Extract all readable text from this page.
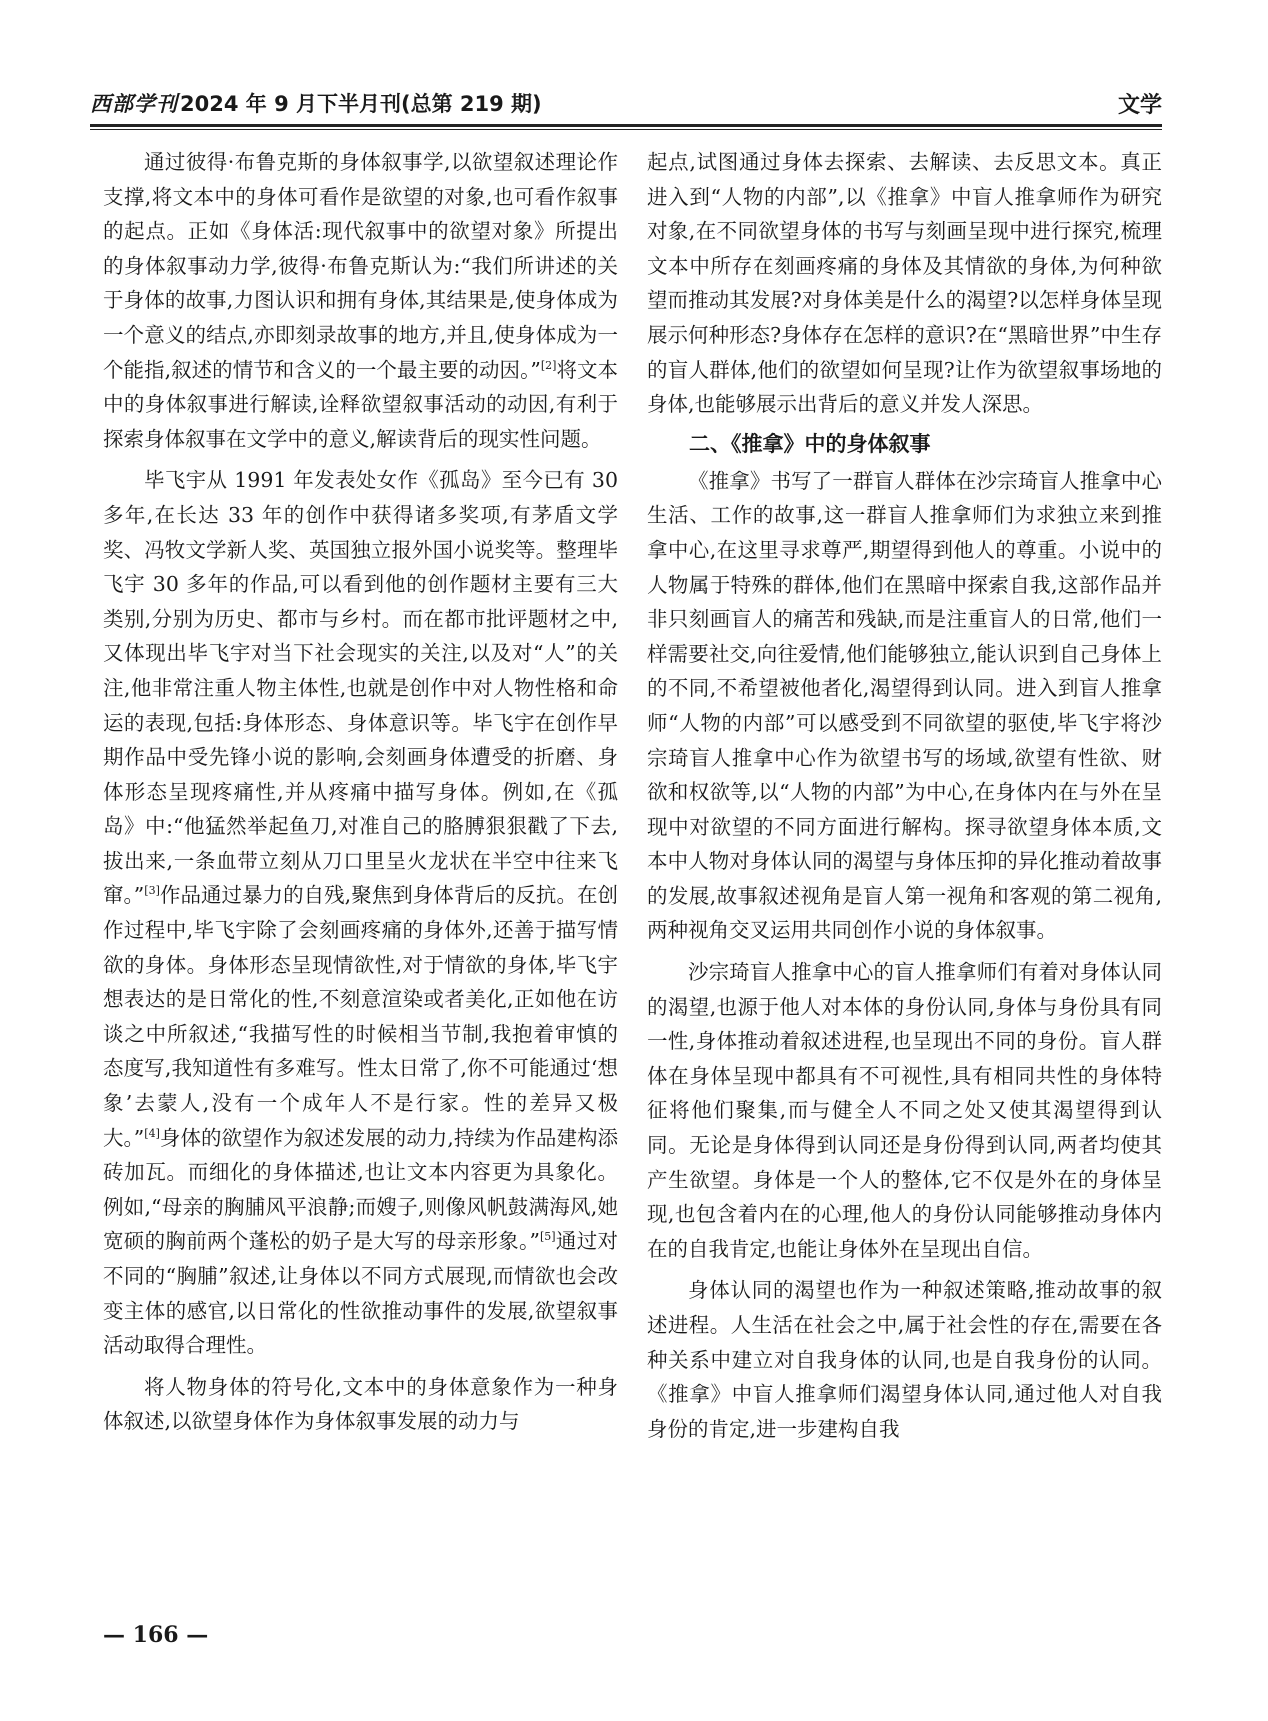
西部学刊2024 年 9 月下半月刊(总第 219 期)	文学

通过彼得·布鲁克斯的身体叙事学,以欲望叙述理论作支撑,将文本中的身体可看作是欲望的对象,也可看作叙事的起点。正如《身体活:现代叙事中的欲望对象》所提出的身体叙事动力学,彼得·布鲁克斯认为:“我们所讲述的关于身体的故事,力图认识和拥有身体,其结果是,使身体成为一个意义的结点,亦即刻录故事的地方,并且,使身体成为一个能指,叙述的情节和含义的一个最主要的动因。”[2]将文本中的身体叙事进行解读,诠释欲望叙事活动的动因,有利于探索身体叙事在文学中的意义,解读背后的现实性问题。

毕飞宇从 1991 年发表处女作《孤岛》至今已有 30 多年,在长达 33 年的创作中获得诸多奖项,有茅盾文学奖、冯牧文学新人奖、英国独立报外国小说奖等。整理毕飞宇 30 多年的作品,可以看到他的创作题材主要有三大类别,分别为历史、都市与乡村。而在都市批评题材之中,又体现出毕飞宇对当下社会现实的关注,以及对“人”的关注,他非常注重人物主体性,也就是创作中对人物性格和命运的表现,包括:身体形态、身体意识等。毕飞宇在创作早期作品中受先锋小说的影响,会刻画身体遭受的折磨、身体形态呈现疼痛性,并从疼痛中描写身体。例如,在《孤岛》中:“他猛然举起鱼刀,对准自己的胳膊狠狠戳了下去,拔出来,一条血带立刻从刀口里呈火龙状在半空中往来飞窜。”[3]作品通过暴力的自残,聚焦到身体背后的反抗。在创作过程中,毕飞宇除了会刻画疼痛的身体外,还善于描写情欲的身体。身体形态呈现情欲性,对于情欲的身体,毕飞宇想表达的是日常化的性,不刻意渲染或者美化,正如他在访谈之中所叙述,“我描写性的时候相当节制,我抱着审慎的态度写,我知道性有多难写。性太日常了,你不可能通过‘想象’去蒙人,没有一个成年人不是行家。性的差异又极大。”[4]身体的欲望作为叙述发展的动力,持续为作品建构添砖加瓦。而细化的身体描述,也让文本内容更为具象化。例如,“母亲的胸脯风平浪静;而嫂子,则像风帆鼓满海风,她宽硕的胸前两个蓬松的奶子是大写的母亲形象。”[5]通过对不同的“胸脯”叙述,让身体以不同方式展现,而情欲也会改变主体的感官,以日常化的性欲推动事件的发展,欲望叙事活动取得合理性。

将人物身体的符号化,文本中的身体意象作为一种身体叙述,以欲望身体作为身体叙事发展的动力与

起点,试图通过身体去探索、去解读、去反思文本。真正进入到“人物的内部”,以《推拿》中盲人推拿师作为研究对象,在不同欲望身体的书写与刻画呈现中进行探究,梳理文本中所存在刻画疼痛的身体及其情欲的身体,为何种欲望而推动其发展?对身体美是什么的渴望?以怎样身体呈现展示何种形态?身体存在怎样的意识?在“黑暗世界”中生存的盲人群体,他们的欲望如何呈现?让作为欲望叙事场地的身体,也能够展示出背后的意义并发人深思。

二、《推拿》中的身体叙事

《推拿》书写了一群盲人群体在沙宗琦盲人推拿中心生活、工作的故事,这一群盲人推拿师们为求独立来到推拿中心,在这里寻求尊严,期望得到他人的尊重。小说中的人物属于特殊的群体,他们在黑暗中探索自我,这部作品并非只刻画盲人的痛苦和残缺,而是注重盲人的日常,他们一样需要社交,向往爱情,他们能够独立,能认识到自己身体上的不同,不希望被他者化,渴望得到认同。进入到盲人推拿师“人物的内部”可以感受到不同欲望的驱使,毕飞宇将沙宗琦盲人推拿中心作为欲望书写的场域,欲望有性欲、财欲和权欲等,以“人物的内部”为中心,在身体内在与外在呈现中对欲望的不同方面进行解构。探寻欲望身体本质,文本中人物对身体认同的渴望与身体压抑的异化推动着故事的发展,故事叙述视角是盲人第一视角和客观的第二视角,两种视角交叉运用共同创作小说的身体叙事。

沙宗琦盲人推拿中心的盲人推拿师们有着对身体认同的渴望,也源于他人对本体的身份认同,身体与身份具有同一性,身体推动着叙述进程,也呈现出不同的身份。盲人群体在身体呈现中都具有不可视性,具有相同共性的身体特征将他们聚集,而与健全人不同之处又使其渴望得到认同。无论是身体得到认同还是身份得到认同,两者均使其产生欲望。身体是一个人的整体,它不仅是外在的身体呈现,也包含着内在的心理,他人的身份认同能够推动身体内在的自我肯定,也能让身体外在呈现出自信。

身体认同的渴望也作为一种叙述策略,推动故事的叙述进程。人生活在社会之中,属于社会性的存在,需要在各种关系中建立对自我身体的认同,也是自我身份的认同。《推拿》中盲人推拿师们渴望身体认同,通过他人对自我身份的肯定,进一步建构自我

— 166 —
